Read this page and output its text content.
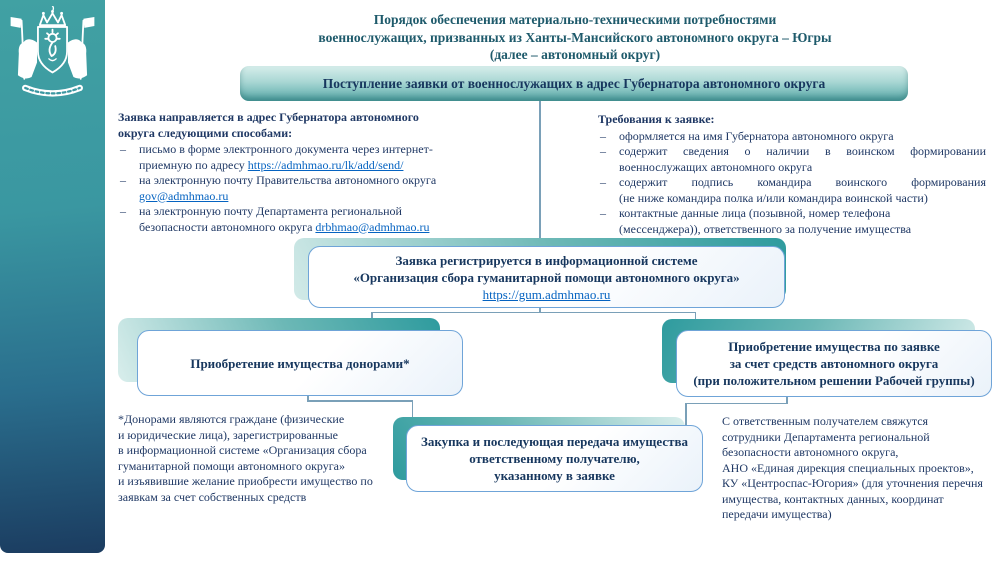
Порядок обеспечения материально-техническими потребностями
военнослужащих, призванных из Ханты-Мансийского автономного округа – Югры
(далее – автономный округ)
Поступление заявки от военнослужащих в адрес Губернатора автономного округа
Заявка направляется в адрес Губернатора автономного
округа следующими способами:
– письмо в форме электронного документа через интернет-
приемную по адресу https://admhmao.ru/lk/add/send/
– на электронную почту Правительства автономного округа
gov@admhmao.ru
– на электронную почту Департамента региональной
безопасности автономного округа drbhmao@admhmao.ru
Требования к заявке:
– оформляется на имя Губернатора автономного округа
– содержит сведения о наличии в воинском формировании
военнослужащих автономного округа
– содержит подпись командира воинского формирования
(не ниже командира полка и/или командира воинской части)
– контактные данные лица (позывной, номер телефона
(мессенджера)), ответственного за получение имущества
Заявка регистрируется в информационной системе
«Организация сбора гуманитарной помощи автономного округа»
https://gum.admhmao.ru
Приобретение имущества донорами*
Приобретение имущества по заявке
за счет средств автономного округа
(при положительном решении Рабочей группы)
Закупка и последующая передача имущества
ответственному получателю,
указанному в заявке
*Донорами являются граждане (физические
и юридические лица), зарегистрированные
в информационной системе «Организация сбора
гуманитарной помощи автономного округа»
и изъявившие желание приобрести имущество по
заявкам за счет собственных средств
С ответственным получателем свяжутся
сотрудники Департамента региональной
безопасности автономного округа,
АНО «Единая дирекция специальных проектов»,
КУ «Центроспас-Югория» (для уточнения перечня
имущества, контактных данных, координат
передачи имущества)
